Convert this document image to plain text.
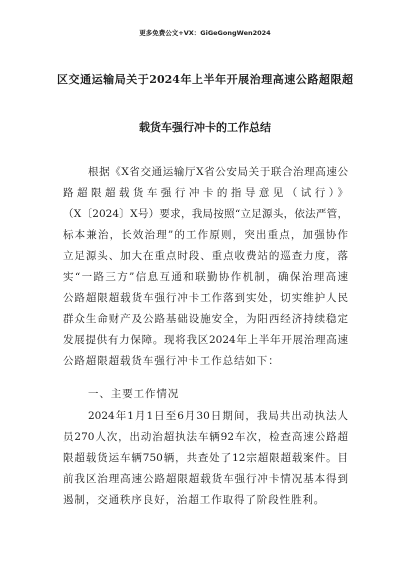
更多免费公文+VX：GiGeGongWen2024
区交通运输局关于2024年上半年开展治理高速公路超限超
载货车强行冲卡的工作总结
根据《X省交通运输厅X省公安局关于联合治理高速公
路超限超载货车强行冲卡的指导意见（试行）》
（X〔2024〕X号）要求，我局按照“立足源头，依法严管，
标本兼治，长效治理”的工作原则，突出重点，加强协作
立足源头、加大在重点时段、重点收费站的巡查力度，落
实“一路三方”信息互通和联勤协作机制，确保治理高速
公路超限超载货车强行冲卡工作落到实处，切实维护人民
群众生命财产及公路基础设施安全，为阳西经济持续稳定
发展提供有力保障。现将我区2024年上半年开展治理高速
公路超限超载货车强行冲卡工作总结如下：
一、主要工作情况
2024年1月1日至6月30日期间，我局共出动执法人
员270人次，出动治超执法车辆92车次，检查高速公路超
限超载货运车辆750辆，共查处了12宗超限超载案件。目
前我区治理高速公路超限超载货车强行冲卡情况基本得到
遏制，交通秩序良好，治超工作取得了阶段性胜利。
